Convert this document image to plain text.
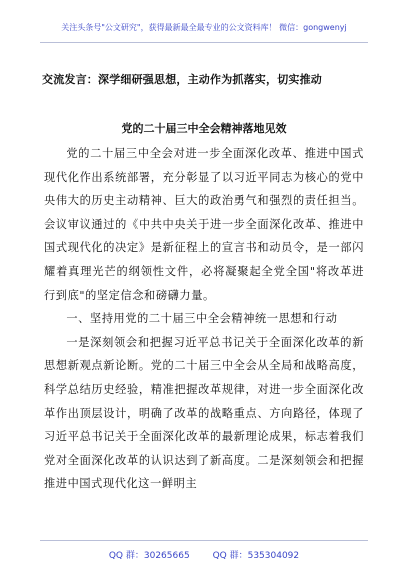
关注头条号"公文研究"，获得最新最全最专业的公文资料库！ 微信：gongwenyj
交流发言：深学细研强思想，主动作为抓落实，切实推动
党的二十届三中全会精神落地见效

党的二十届三中全会对进一步全面深化改革、推进中国式现代化作出系统部署，充分彰显了以习近平同志为核心的党中央伟大的历史主动精神、巨大的政治勇气和强烈的责任担当。会议审议通过的《中共中央关于进一步全面深化改革、推进中国式现代化的决定》是新征程上的宣言书和动员令，是一部闪耀着真理光芒的纲领性文件，必将凝聚起全党全国"将改革进行到底"的坚定信念和磅礴力量。

一、坚持用党的二十届三中全会精神统一思想和行动

一是深刻领会和把握习近平总书记关于全面深化改革的新思想新观点新论断。党的二十届三中全会从全局和战略高度，科学总结历史经验，精准把握改革规律，对进一步全面深化改革作出顶层设计，明确了改革的战略重点、方向路径，体现了习近平总书记关于全面深化改革的最新理论成果，标志着我们党对全面深化改革的认识达到了新高度。二是深刻领会和把握推进中国式现代化这一鲜明主

QQ 群：30265665	QQ 群：535304092
